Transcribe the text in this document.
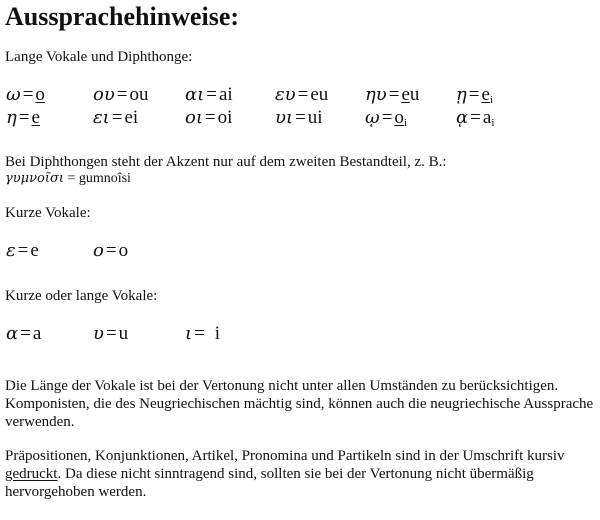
Aussprachehinweise:

Lange Vokale und Diphthonge:

ω = o	ου = ou αι = ai ευ = eu ηυ = eu ῃ = $e_i$
η = e	ει = ei	οι = oi υι = ui ῳ = $o_i$	ᾳ = $a_i$

Bei Diphthongen steht der Akzent nur auf dem zweiten Bestandteil, z. B.:

γυμνοῖσι = gumnoîsi

Kurze Vokale:

ε = e	ο = o

Kurze oder lange Vokale:

α = a	υ = u	ι = i

Die Länge der Vokale ist bei der Vertonung nicht unter allen Umständen zu berücksichtigen. Komponisten, die des Neugriechischen mächtig sind, können auch die neugriechische Aussprache verwenden.

Präpositionen, Konjunktionen, Artikel, Pronomina und Partikeln sind in der Umschrift kursiv gedruckt. Da diese nicht sinntragend sind, sollten sie bei der Vertonung nicht übermäßig hervorgehoben werden.
